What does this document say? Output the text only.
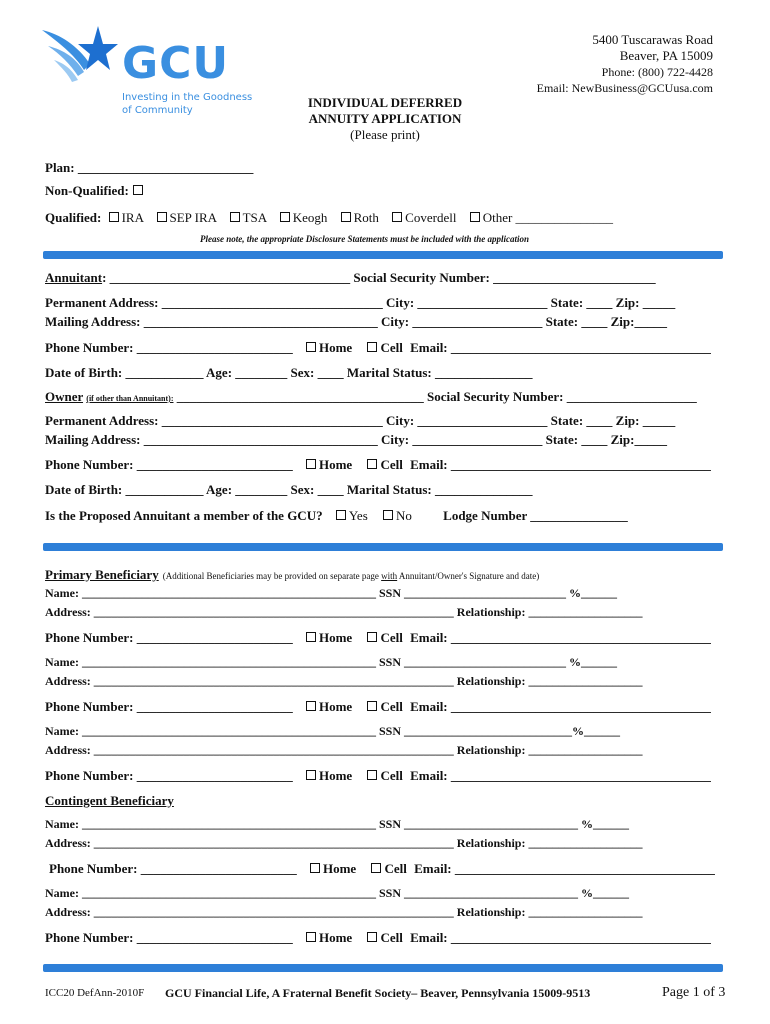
GCU
Investing in the Goodness
of Community
5400 Tuscarawas Road
Beaver, PA 15009
Phone: (800) 722-4428
Email: NewBusiness@GCUusa.com
INDIVIDUAL DEFERRED
ANNUITY APPLICATION
(Please print)
Plan: ___________________________
Non-Qualified:
Qualified: IRA SEP IRA TSA Keogh Roth Coverdell Other _______________
Please note, the appropriate Disclosure Statements must be included with the application
Annuitant: _____________________________________ Social Security Number: _________________________
Permanent Address: __________________________________ City: ____________________ State: ____ Zip: _____
Mailing Address: ____________________________________ City: ____________________ State: ____ Zip:_____
Phone Number: ________________________ Home Cell Email: ________________________________________
Date of Birth: ____________ Age: ________ Sex: ____ Marital Status: _______________
Owner (if other than Annuitant): ______________________________________ Social Security Number: ____________________
Permanent Address: __________________________________ City: ____________________ State: ____ Zip: _____
Mailing Address: ____________________________________ City: ____________________ State: ____ Zip:_____
Phone Number: ________________________ Home Cell Email: ________________________________________
Date of Birth: ____________ Age: ________ Sex: ____ Marital Status: _______________
Is the Proposed Annuitant a member of the GCU? Yes No Lodge Number _______________
Primary Beneficiary (Additional Beneficiaries may be provided on separate page with Annuitant/Owner's Signature and date)
Name: _________________________________________________ SSN ___________________________ %______
Address: ____________________________________________________________ Relationship: ___________________
Phone Number: ________________________ Home Cell Email: ________________________________________
Name: _________________________________________________ SSN ___________________________ %______
Address: ____________________________________________________________ Relationship: ___________________
Phone Number: ________________________ Home Cell Email: ________________________________________
Name: _________________________________________________ SSN ____________________________%______
Address: ____________________________________________________________ Relationship: ___________________
Phone Number: ________________________ Home Cell Email: ________________________________________
Contingent Beneficiary
Name: _________________________________________________ SSN _____________________________ %______
Address: ____________________________________________________________ Relationship: ___________________
Phone Number: ________________________ Home Cell Email: ________________________________________
Name: _________________________________________________ SSN _____________________________ %______
Address: ____________________________________________________________ Relationship: ___________________
Phone Number: ________________________ Home Cell Email: ________________________________________
ICC20 DefAnn-2010F GCU Financial Life, A Fraternal Benefit Society– Beaver, Pennsylvania 15009-9513	Page 1 of 3
